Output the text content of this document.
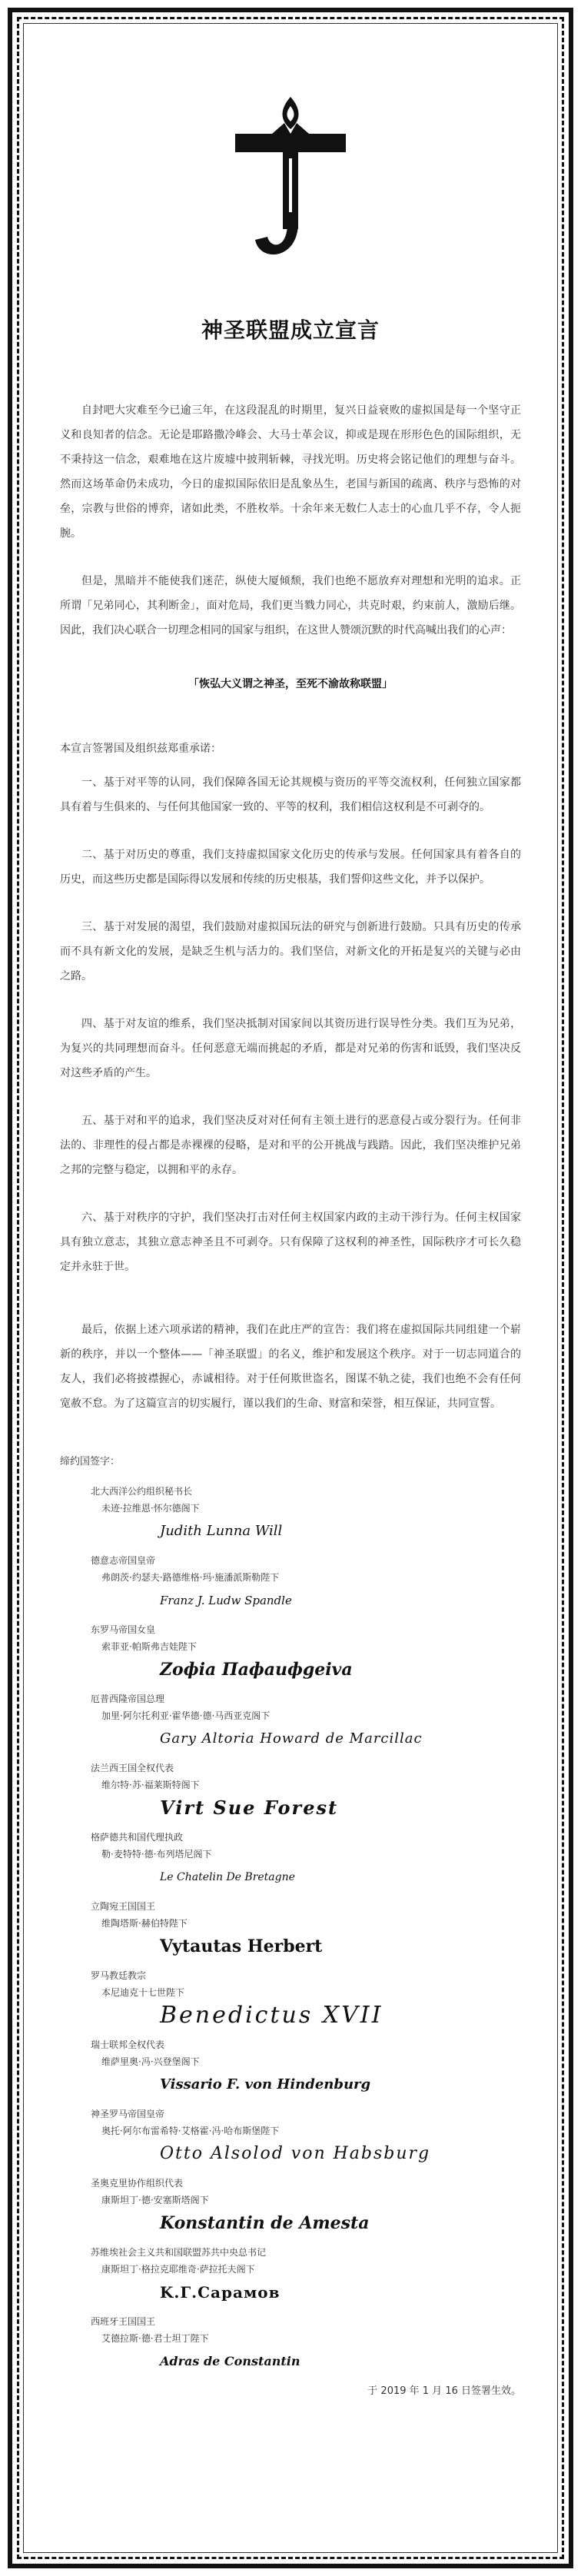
神圣联盟成立宣言

自封吧大灾难至今已逾三年，在这段混乱的时期里，复兴日益衰败的虚拟国是每一个坚守正义和良知者的信念。无论是耶路撒冷峰会、大马士革会议，抑或是现在形形色色的国际组织，无不秉持这一信念，艰难地在这片废墟中披荆斩棘，寻找光明。历史将会铭记他们的理想与奋斗。然而这场革命仍未成功，今日的虚拟国际依旧是乱象丛生，老国与新国的疏离、秩序与恐怖的对垒，宗教与世俗的博弈，诸如此类，不胜枚举。十余年来无数仁人志士的心血几乎不存，令人扼腕。

但是，黑暗并不能使我们迷茫，纵使大厦倾颓，我们也绝不愿放弃对理想和光明的追求。正所谓「兄弟同心，其利断金」，面对危局，我们更当戮力同心，共克时艰，约束前人，激励后继。因此，我们决心联合一切理念相同的国家与组织，在这世人赞颂沉默的时代高喊出我们的心声：

「恢弘大义谓之神圣，至死不渝故称联盟」

本宣言签署国及组织兹郑重承诺：

一、基于对平等的认同，我们保障各国无论其规模与资历的平等交流权利，任何独立国家都具有着与生俱来的、与任何其他国家一致的、平等的权利，我们相信这权利是不可剥夺的。

二、基于对历史的尊重，我们支持虚拟国家文化历史的传承与发展。任何国家具有着各自的历史，而这些历史都是国际得以发展和传续的历史根基，我们誓仰这些文化，并予以保护。

三、基于对发展的渴望，我们鼓励对虚拟国玩法的研究与创新进行鼓励。只具有历史的传承而不具有新文化的发展，是缺乏生机与活力的。我们坚信，对新文化的开拓是复兴的关键与必由之路。

四、基于对友谊的维系，我们坚决抵制对国家间以其资历进行误导性分类。我们互为兄弟，为复兴的共同理想而奋斗。任何恶意无端而挑起的矛盾，都是对兄弟的伤害和诋毁，我们坚决反对这些矛盾的产生。

五、基于对和平的追求，我们坚决反对对任何有主领土进行的恶意侵占或分裂行为。任何非法的、非理性的侵占都是赤裸裸的侵略，是对和平的公开挑战与践踏。因此，我们坚决维护兄弟之邦的完整与稳定，以拥和平的永存。

六、基于对秩序的守护，我们坚决打击对任何主权国家内政的主动干涉行为。任何主权国家具有独立意志，其独立意志神圣且不可剥夺。只有保障了这权利的神圣性，国际秩序才可长久稳定并永驻于世。

最后，依据上述六项承诺的精神，我们在此庄严的宣告：我们将在虚拟国际共同组建一个崭新的秩序，并以一个整体——「神圣联盟」的名义，维护和发展这个秩序。对于一切志同道合的友人，我们必将披襟握心，赤诚相待。对于任何欺世盗名，图谋不轨之徒，我们也绝不会有任何宽赦不怠。为了这篇宣言的切实履行，谨以我们的生命、财富和荣誉，相互保证，共同宣誓。

缔约国签字：
北大西洋公约组织秘书长
未迹·拉维恩·怀尔德阁下
Judith Lunna Will
德意志帝国皇帝
弗朗茨·约瑟夫·路德维格·玛·施潘派斯勒陛下
Franz J. Ludw Spandle
东罗马帝国女皇
索菲亚·帕斯弗吉娃陛下
Zoфia Пафаифgeiva
厄普西隆帝国总理
加里·阿尔托利亚·霍华德·德·马西亚克阁下
Gary Altoria Howard de Marcillac
法兰西王国全权代表
维尔特·苏·福莱斯特阁下
Virt Sue Forest
格萨德共和国代理执政
勒·麦特特·德·布列塔尼阁下
Le Chatelin De Bretagne
立陶宛王国国王
维陶塔斯·赫伯特陛下
Vytautas Herbert
罗马教廷教宗
本尼迪克十七世陛下
Benedictus XVII
瑞士联邦全权代表
维萨里奥·冯·兴登堡阁下
Vissario F. von Hindenburg
神圣罗马帝国皇帝
奥托·阿尔布雷希特·艾格霍·冯·哈布斯堡陛下
Otto Alsolod von Habsburg
圣奥克里协作组织代表
康斯坦丁·德·安塞斯塔阁下
Konstantin de Amesta
苏维埃社会主义共和国联盟苏共中央总书记
康斯坦丁·格拉克耶维奇·萨拉托夫阁下
K.Г.Сарамов
西班牙王国国王
艾德拉斯·德·君士坦丁陛下
Adras de Constantin
于 2019 年 1 月 16 日签署生效。
